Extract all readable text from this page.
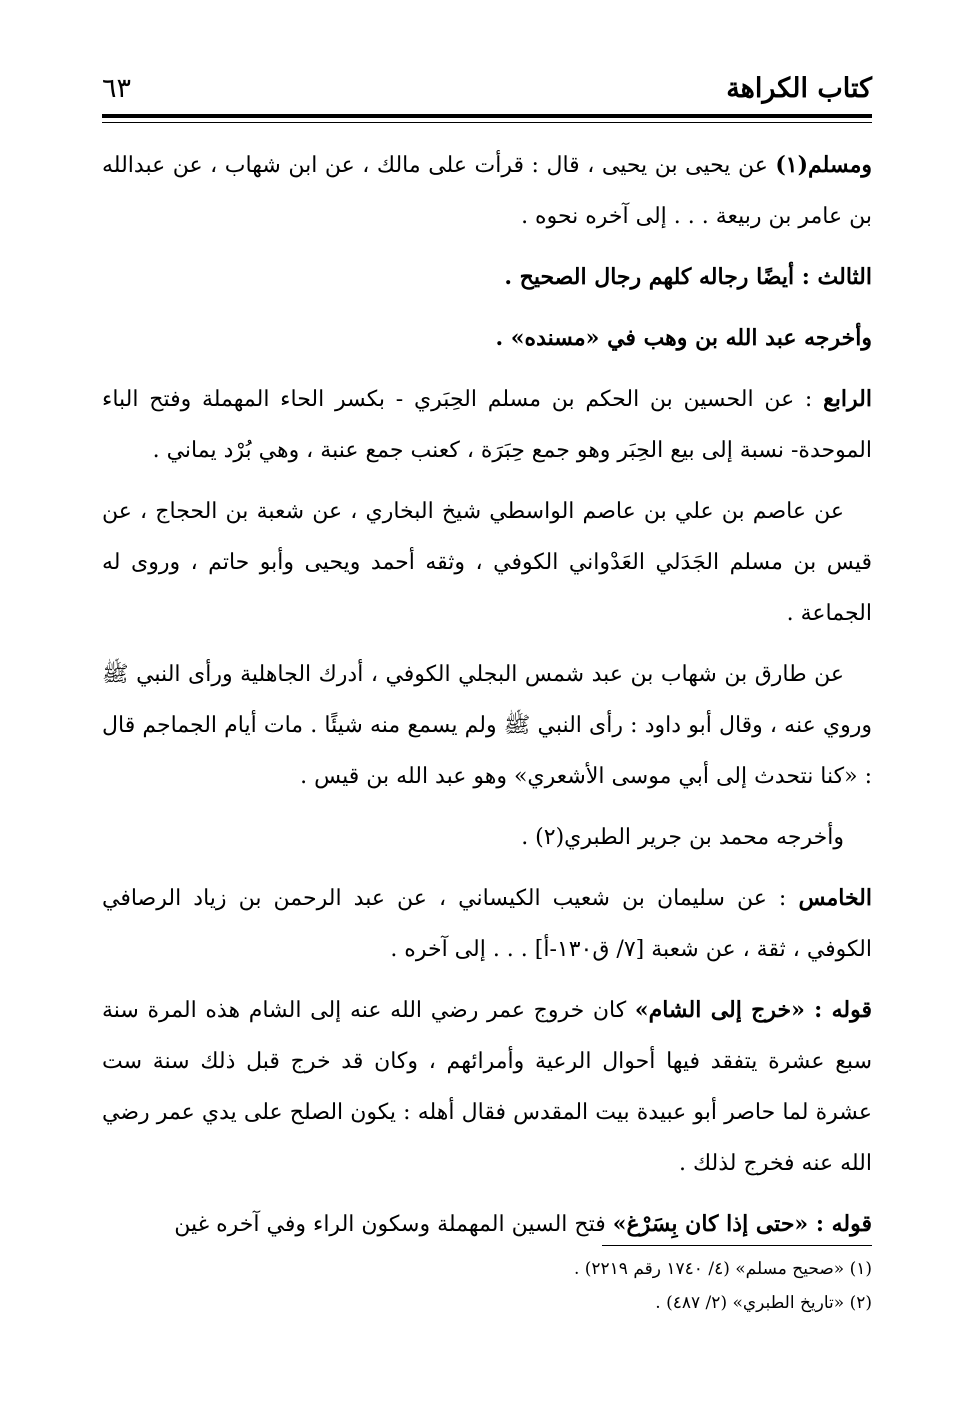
كتاب الكراهة
٦٣

ومسلم(١) عن يحيى بن يحيى ، قال : قرأت على مالك ، عن ابن شهاب ، عن عبدالله بن عامر بن ربيعة . . . إلى آخره نحوه .

الثالث : أيضًا رجاله كلهم رجال الصحيح .

وأخرجه عبد الله بن وهب في «مسنده» .

الرابع : عن الحسين بن الحكم بن مسلم الحِبَري - بكسر الحاء المهملة وفتح الباء الموحدة- نسبة إلى بيع الحِبَر وهو جمع حِبَرَة ، كعنب جمع عنبة ، وهي بُرْد يماني .

عن عاصم بن علي بن عاصم الواسطي شيخ البخاري ، عن شعبة بن الحجاج ، عن قيس بن مسلم الجَدَلي العَدْواني الكوفي ، وثقه أحمد ويحيى وأبو حاتم ، وروى له الجماعة .

عن طارق بن شهاب بن عبد شمس البجلي الكوفي ، أدرك الجاهلية ورأى النبي ﷺ وروي عنه ، وقال أبو داود : رأى النبي ﷺ ولم يسمع منه شيئًا . مات أيام الجماجم قال : «كنا نتحدث إلى أبي موسى الأشعري» وهو عبد الله بن قيس .

وأخرجه محمد بن جرير الطبري(٢) .

الخامس : عن سليمان بن شعيب الكيساني ، عن عبد الرحمن بن زياد الرصافي الكوفي ، ثقة ، عن شعبة [٧/ ق١٣٠-أ] . . . إلى آخره .

قوله : «خرج إلى الشام» كان خروج عمر رضي الله عنه إلى الشام هذه المرة سنة سبع عشرة يتفقد فيها أحوال الرعية وأمرائهم ، وكان قد خرج قبل ذلك سنة ست عشرة لما حاصر أبو عبيدة بيت المقدس فقال أهله : يكون الصلح على يدي عمر رضي الله عنه فخرج لذلك .

قوله : «حتى إذا كان بِسَرْغ» فتح السين المهملة وسكون الراء وفي آخره غين

(١) «صحيح مسلم» (٤/ ١٧٤٠ رقم ٢٢١٩) .

(٢) «تاريخ الطبري» (٢/ ٤٨٧) .
